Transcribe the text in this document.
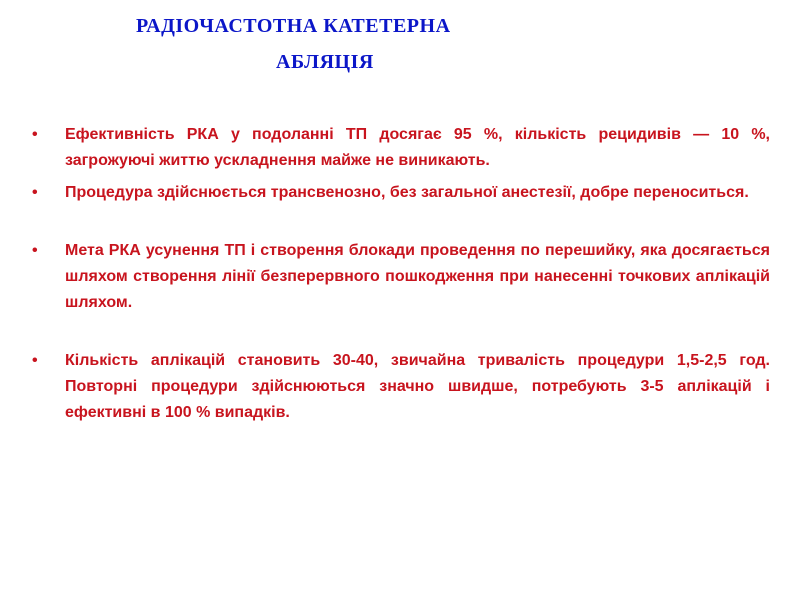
РАДІОЧАСТОТНА КАТЕТЕРНА
АБЛЯЦІЯ
• Ефективність РКА у подоланні ТП досягає 95 %, кількість рецидивів — 10 %, загрожуючі життю ускладнення майже не виникають.
• Процедура здійснюється трансвенозно, без загальної анестезії, добре переноситься.
• Мета РКА усунення ТП і створення блокади проведення по перешийку, яка досягається шляхом створення лінії безперервного пошкодження при нанесенні точкових аплікацій шляхом.
• Кількість аплікацій становить 30-40, звичайна тривалість процедури 1,5-2,5 год. Повторні процедури здійснюються значно швидше, потребують 3-5 аплікацій і ефективні в 100 % випадків.
